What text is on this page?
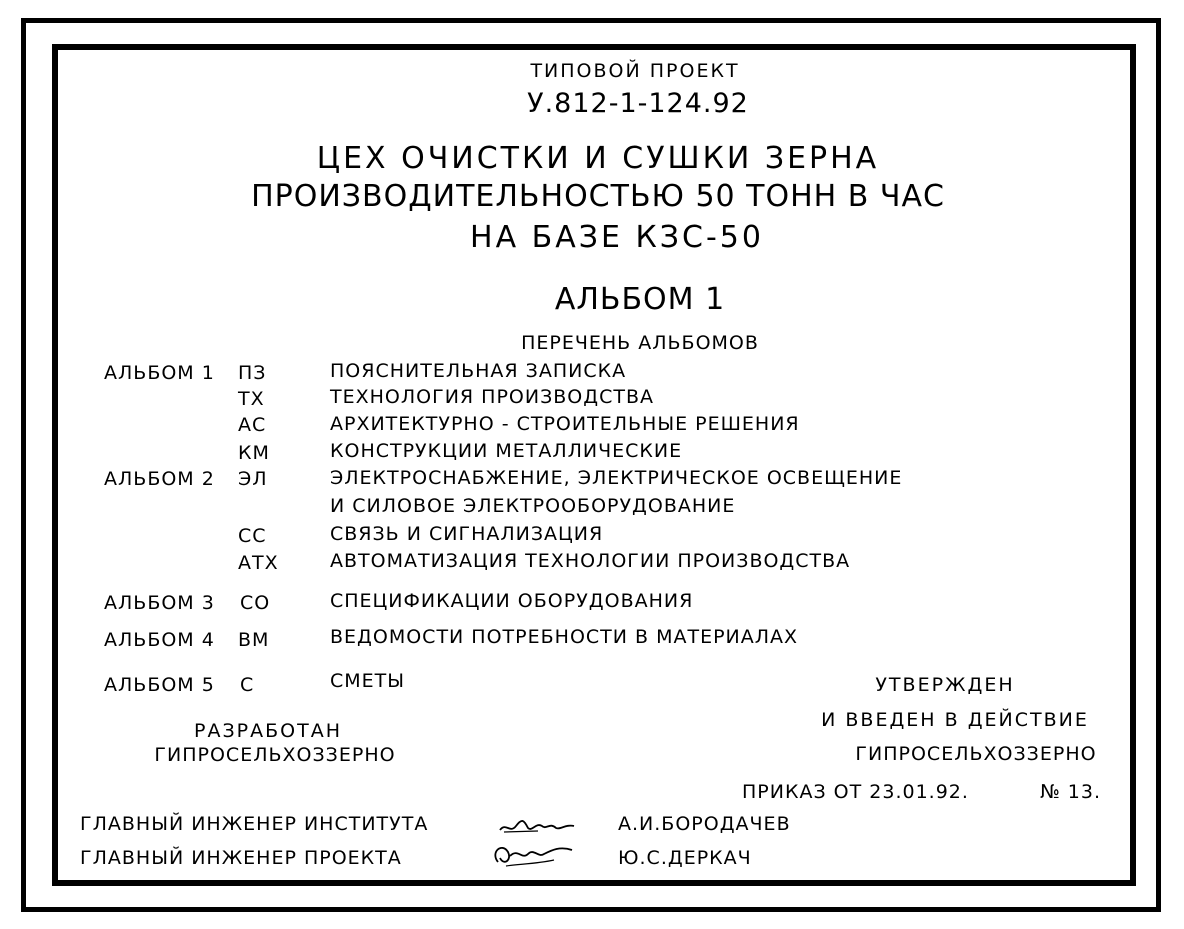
ТИПОВОЙ ПРОЕКТ
У.812-1-124.92
ЦЕХ ОЧИСТКИ И СУШКИ ЗЕРНА
ПРОИЗВОДИТЕЛЬНОСТЬЮ 50 ТОНН В ЧАС
НА БАЗЕ КЗС-50
АЛЬБОМ 1
ПЕРЕЧЕНЬ АЛЬБОМОВ
АЛЬБОМ 1 ПЗ	ПОЯСНИТЕЛЬНАЯ ЗАПИСКА
ТХ	ТЕХНОЛОГИЯ ПРОИЗВОДСТВА
АС	АРХИТЕКТУРНО - СТРОИТЕЛЬНЫЕ РЕШЕНИЯ
КМ	КОНСТРУКЦИИ МЕТАЛЛИЧЕСКИЕ
АЛЬБОМ 2 ЭЛ	ЭЛЕКТРОСНАБЖЕНИЕ, ЭЛЕКТРИЧЕСКОЕ ОСВЕЩЕНИЕ
И СИЛОВОЕ ЭЛЕКТРООБОРУДОВАНИЕ
СС	СВЯЗЬ И СИГНАЛИЗАЦИЯ
АТХ	АВТОМАТИЗАЦИЯ ТЕХНОЛОГИИ ПРОИЗВОДСТВА
АЛЬБОМ 3 СО	СПЕЦИФИКАЦИИ ОБОРУДОВАНИЯ
АЛЬБОМ 4 ВМ	ВЕДОМОСТИ ПОТРЕБНОСТИ В МАТЕРИАЛАХ
АЛЬБОМ 5 С	СМЕТЫ
РАЗРАБОТАН
ГИПРОСЕЛЬХОЗЗЕРНО
УТВЕРЖДЕН
И ВВЕДЕН В ДЕЙСТВИЕ
ГИПРОСЕЛЬХОЗЗЕРНО
ПРИКАЗ ОТ 23.01.92.	№ 13.
ГЛАВНЫЙ ИНЖЕНЕР ИНСТИТУТА	А.И.БОРОДАЧЕВ
ГЛАВНЫЙ ИНЖЕНЕР ПРОЕКТА	Ю.С.ДЕРКАЧ
